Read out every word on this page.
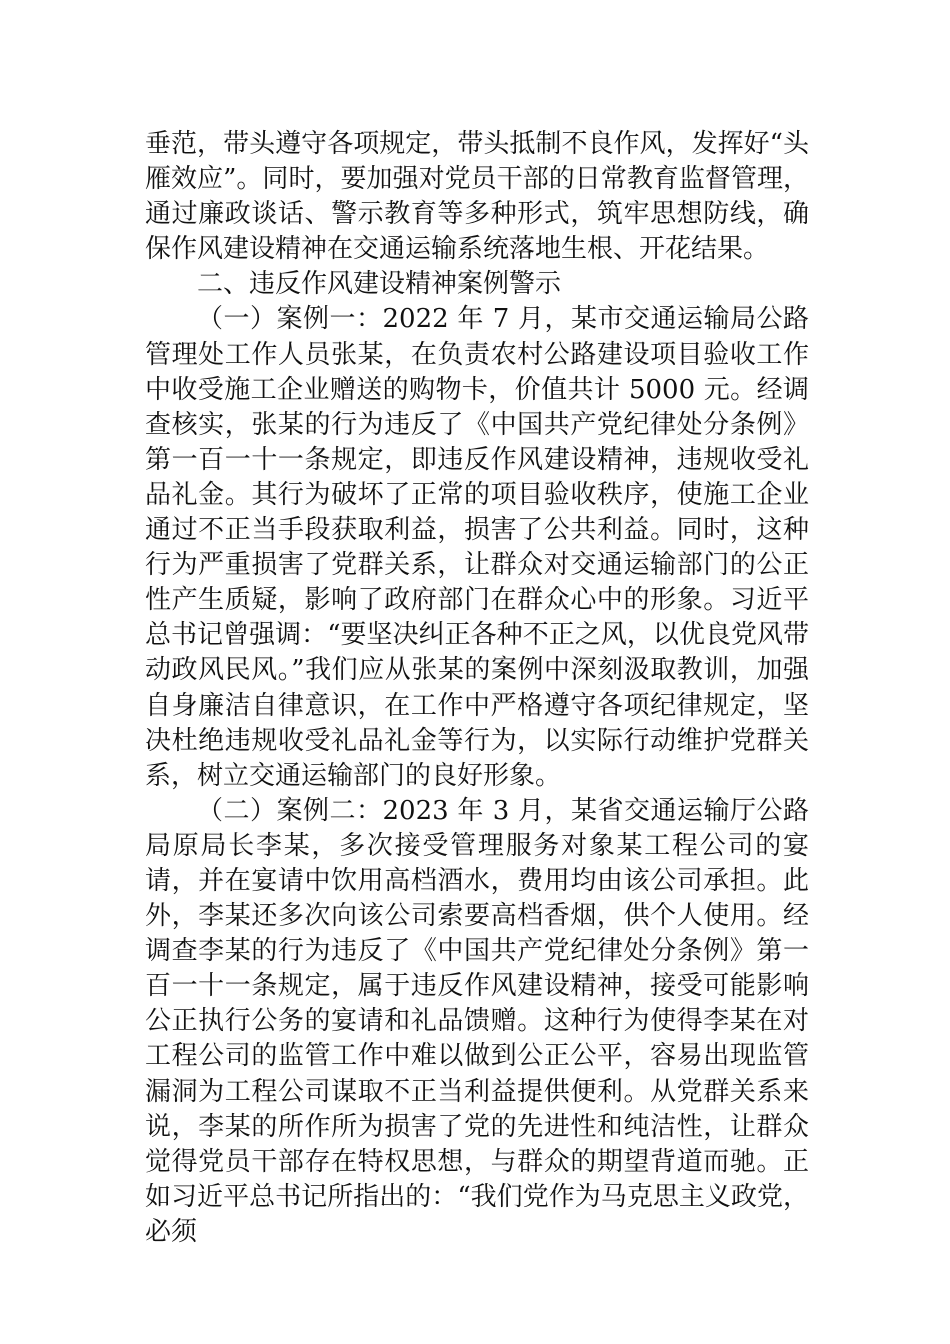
垂范，带头遵守各项规定，带头抵制不良作风，发挥好“头雁效应”。同时，要加强对党员干部的日常教育监督管理，通过廉政谈话、警示教育等多种形式，筑牢思想防线，确保作风建设精神在交通运输系统落地生根、开花结果。

二、违反作风建设精神案例警示

（一）案例一：2022 年 7 月，某市交通运输局公路管理处工作人员张某，在负责农村公路建设项目验收工作中收受施工企业赠送的购物卡，价值共计 5000 元。经调查核实，张某的行为违反了《中国共产党纪律处分条例》第一百一十一条规定，即违反作风建设精神，违规收受礼品礼金。其行为破坏了正常的项目验收秩序，使施工企业通过不正当手段获取利益，损害了公共利益。同时，这种行为严重损害了党群关系，让群众对交通运输部门的公正性产生质疑，影响了政府部门在群众心中的形象。习近平总书记曾强调：“要坚决纠正各种不正之风，以优良党风带动政风民风。”我们应从张某的案例中深刻汲取教训，加强自身廉洁自律意识，在工作中严格遵守各项纪律规定，坚决杜绝违规收受礼品礼金等行为，以实际行动维护党群关系，树立交通运输部门的良好形象。

（二）案例二：2023 年 3 月，某省交通运输厅公路局原局长李某，多次接受管理服务对象某工程公司的宴请，并在宴请中饮用高档酒水，费用均由该公司承担。此外，李某还多次向该公司索要高档香烟，供个人使用。经调查李某的行为违反了《中国共产党纪律处分条例》第一百一十一条规定，属于违反作风建设精神，接受可能影响公正执行公务的宴请和礼品馈赠。这种行为使得李某在对工程公司的监管工作中难以做到公正公平，容易出现监管漏洞为工程公司谋取不正当利益提供便利。从党群关系来说，李某的所作所为损害了党的先进性和纯洁性，让群众觉得党员干部存在特权思想，与群众的期望背道而驰。正如习近平总书记所指出的：“我们党作为马克思主义政党，必须
